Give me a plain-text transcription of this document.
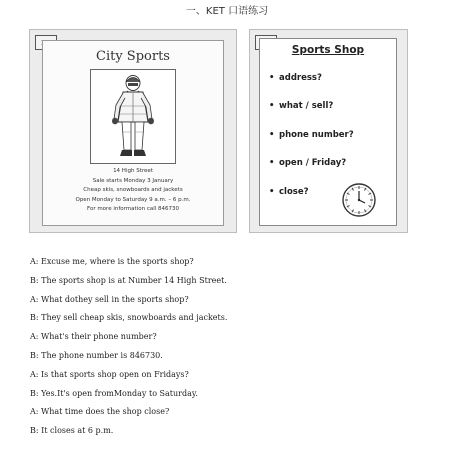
一、KET 口语练习
City Sports
14 High Street
Sale starts Monday 3 January
Cheap skis, snowboards and jackets
Open Monday to Saturday 9 a.m. – 6 p.m.
For more information call 846730
Sports Shop
• address?
• what / sell?
• phone number?
• open / Friday?
• close?
A: Excuse me, where is the sports shop?
B: The sports shop is at Number 14 High Street.
A: What dothey sell in the sports shop?
B: They sell cheap skis, snowboards and jackets.
A: What's their phone number?
B: The phone number is 846730.
A: Is that sports shop open on Fridays?
B: Yes.It's open fromMonday to Saturday.
A: What time does the shop close?
B: It closes at 6 p.m.
